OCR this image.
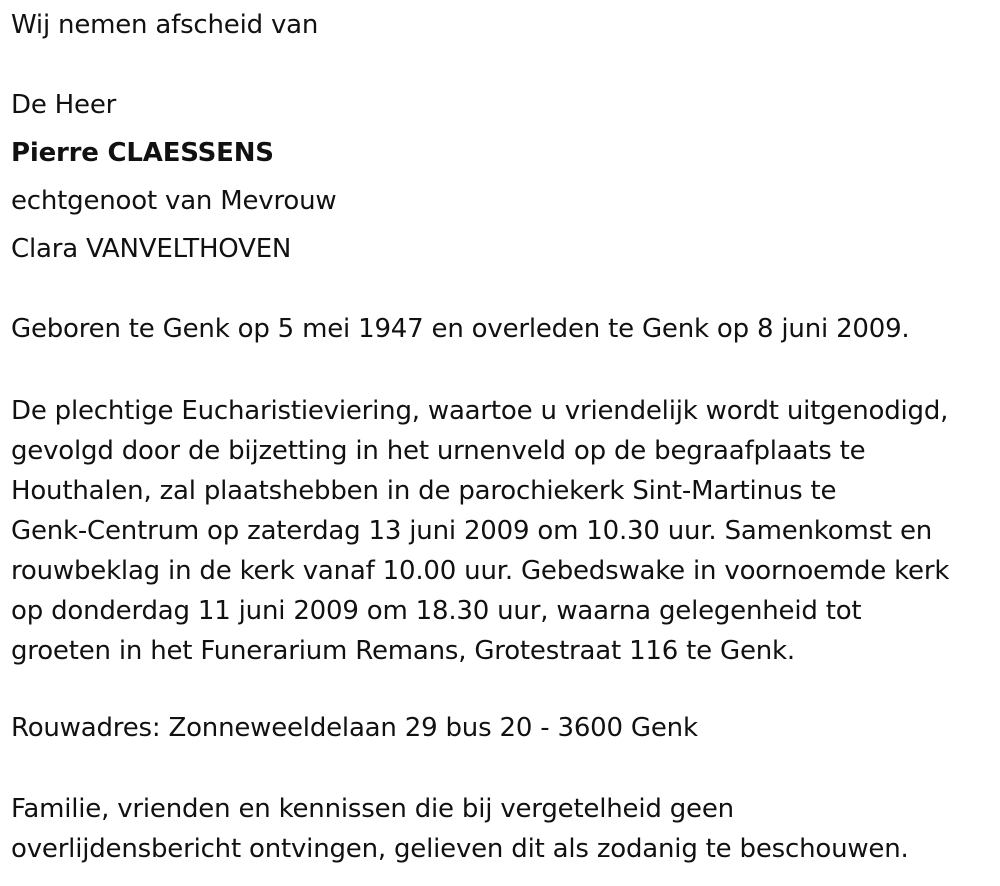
Wij nemen afscheid van
De Heer
Pierre CLAESSENS
echtgenoot van Mevrouw
Clara VANVELTHOVEN
Geboren te Genk op 5 mei 1947 en overleden te Genk op 8 juni 2009.
De plechtige Eucharistieviering, waartoe u vriendelijk wordt uitgenodigd,
gevolgd door de bijzetting in het urnenveld op de begraafplaats te
Houthalen, zal plaatshebben in de parochiekerk Sint-Martinus te
Genk-Centrum op zaterdag 13 juni 2009 om 10.30 uur. Samenkomst en
rouwbeklag in de kerk vanaf 10.00 uur. Gebedswake in voornoemde kerk
op donderdag 11 juni 2009 om 18.30 uur, waarna gelegenheid tot
groeten in het Funerarium Remans, Grotestraat 116 te Genk.
Rouwadres: Zonneweeldelaan 29 bus 20 - 3600 Genk
Familie, vrienden en kennissen die bij vergetelheid geen
overlijdensbericht ontvingen, gelieven dit als zodanig te beschouwen.
